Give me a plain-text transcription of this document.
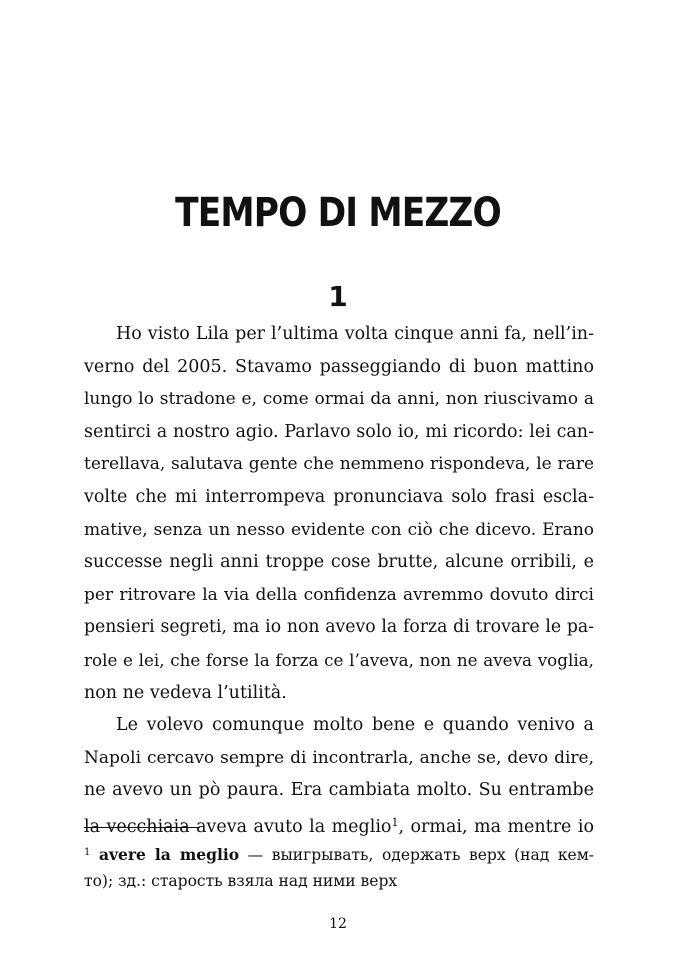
TEMPO DI MEZZO
1
Ho visto Lila per l’ultima volta cinque anni fa, nell’in-
verno del 2005. Stavamo passeggiando di buon mattino
lungo lo stradone e, come ormai da anni, non riuscivamo a
sentirci a nostro agio. Parlavo solo io, mi ricordo: lei can-
terellava, salutava gente che nemmeno rispondeva, le rare
volte che mi interrompeva pronunciava solo frasi escla-
mative, senza un nesso evidente con ciò che dicevo. Erano
successe negli anni troppe cose brutte, alcune orribili, e
per ritrovare la via della confidenza avremmo dovuto dirci
pensieri segreti, ma io non avevo la forza di trovare le pa-
role e lei, che forse la forza ce l’aveva, non ne aveva voglia,
non ne vedeva l’utilità.
Le volevo comunque molto bene e quando venivo a
Napoli cercavo sempre di incontrarla, anche se, devo dire,
ne avevo un pò paura. Era cambiata molto. Su entrambe
la vecchiaia aveva avuto la meglio$^1$, ormai, ma mentre io
$^1$ avere la meglio — выигрывать, одержать верх (над кем-
то); зд.: старость взяла над ними верх
12
